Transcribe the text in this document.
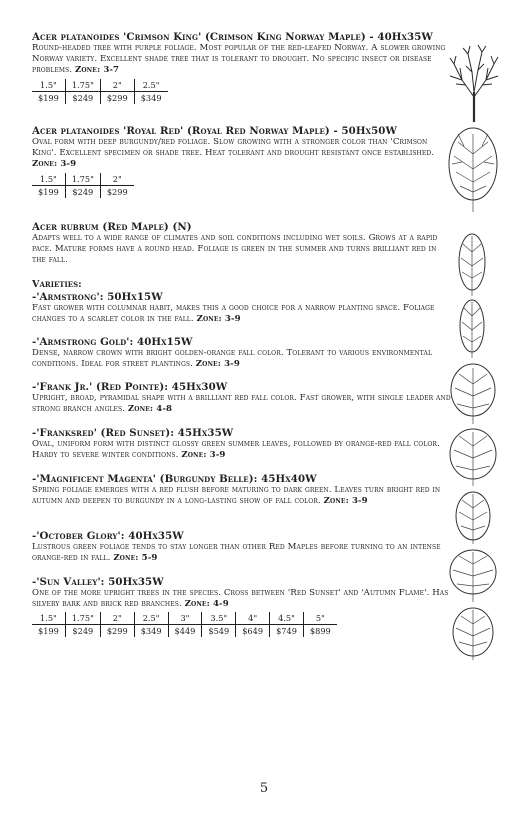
Acer platanoides 'Crimson King' (Crimson King Norway Maple) - 40Hx35W
Round-headed tree with purple foliage. Most popular of the red-leafed Norway. A slower growing Norway variety. Excellent shade tree that is tolerant to drought. No specific insect or disease problems. Zone: 3-7
1.5"	1.75"	2"	2.5"
$199	$249	$299	$349
Acer platanoides 'Royal Red' (Royal Red Norway Maple) - 50Hx50W
Oval form with deep burgundy/red foliage. Slow growing with a stronger color than 'Crimson King'. Excellent specimen or shade tree. Heat tolerant and drought resistant once established. Zone: 3-9
1.5"	1.75"	2"
$199	$249	$299
Acer rubrum (Red Maple) (N)
Adapts well to a wide range of climates and soil conditions including wet soils. Grows at a rapid pace. Mature forms have a round head. Foliage is green in the summer and turns brilliant red in the fall.
Varieties:
-'Armstrong': 50Hx15W
Fast grower with columnar habit, makes this a good choice for a narrow planting space. Foliage changes to a scarlet color in the fall. Zone: 3-9
-'Armstrong Gold': 40Hx15W
Dense, narrow crown with bright golden-orange fall color. Tolerant to various environmental conditions. Ideal for street plantings. Zone: 3-9
-'Frank Jr.' (Red Pointe): 45Hx30W
Upright, broad, pyramidal shape with a brilliant red fall color. Fast grower, with single leader and strong branch angles. Zone: 4-8
-'Franksred' (Red Sunset): 45Hx35W
Oval, uniform form with distinct glossy green summer leaves, followed by orange-red fall color. Hardy to severe winter conditions. Zone: 3-9
-'Magnificent Magenta' (Burgundy Belle): 45Hx40W
Spring foliage emerges with a red flush before maturing to dark green. Leaves turn bright red in autumn and deepen to burgundy in a long-lasting show of fall color. Zone: 3-9
-'October Glory': 40Hx35W
Lustrous green foliage tends to stay longer than other Red Maples before turning to an intense orange-red in fall. Zone: 5-9
-'Sun Valley': 50Hx35W
One of the more upright trees in the species. Cross between 'Red Sunset' and 'Autumn Flame'. Has silvery bark and brick red branches. Zone: 4-9
1.5"	1.75"	2"	2.5"	3"	3.5"	4"	4.5"	5"
$199	$249	$299	$349	$449	$549	$649	$749	$899
5
